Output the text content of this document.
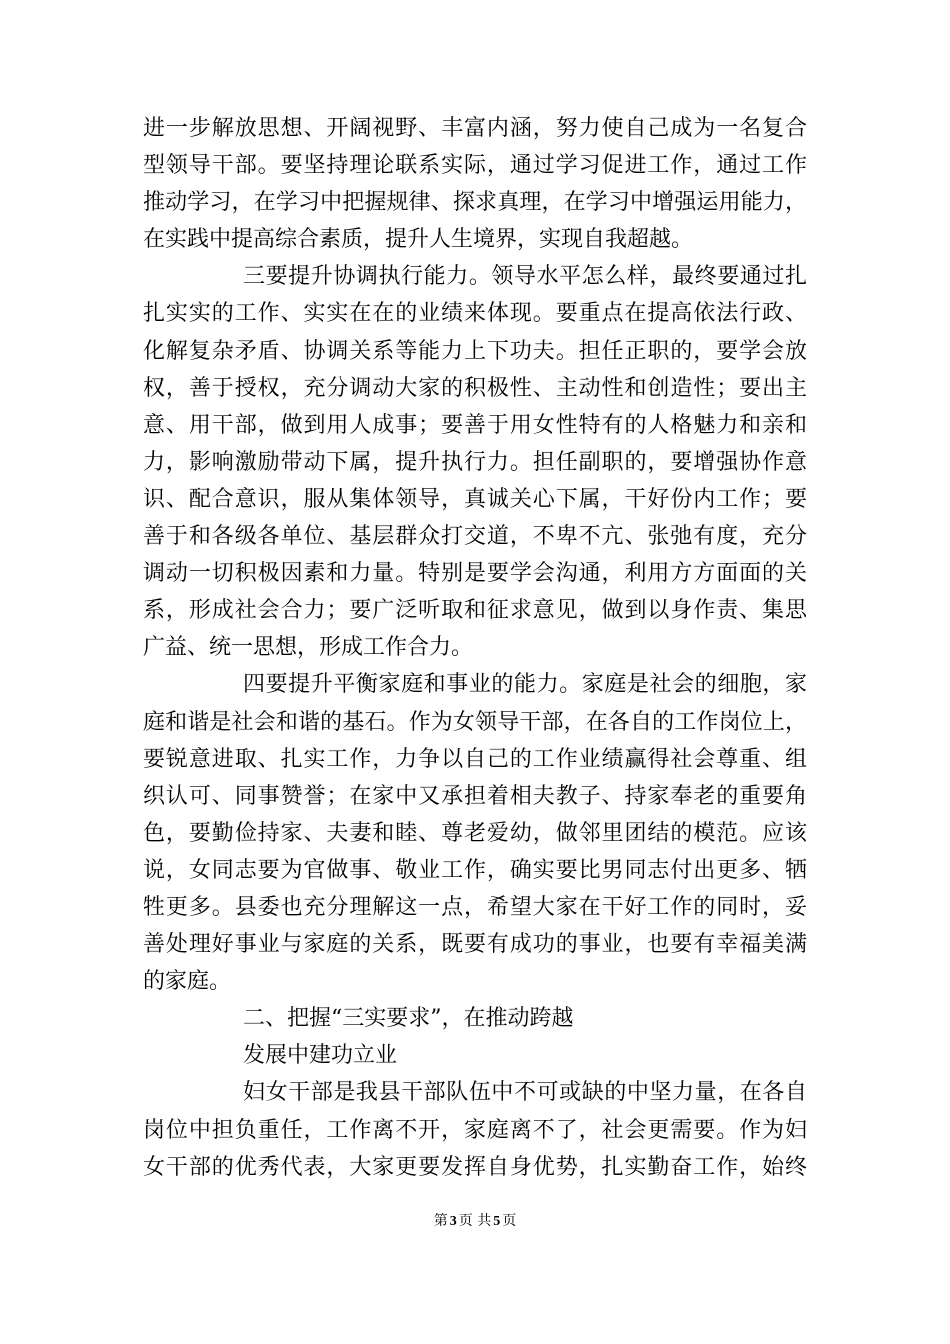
进一步解放思想、开阔视野、丰富内涵，努力使自己成为一名复合
型领导干部。要坚持理论联系实际，通过学习促进工作，通过工作
推动学习，在学习中把握规律、探求真理，在学习中增强运用能力，
在实践中提高综合素质，提升人生境界，实现自我超越。
三要提升协调执行能力。领导水平怎么样，最终要通过扎
扎实实的工作、实实在在的业绩来体现。要重点在提高依法行政、
化解复杂矛盾、协调关系等能力上下功夫。担任正职的，要学会放
权，善于授权，充分调动大家的积极性、主动性和创造性；要出主
意、用干部，做到用人成事；要善于用女性特有的人格魅力和亲和
力，影响激励带动下属，提升执行力。担任副职的，要增强协作意
识、配合意识，服从集体领导，真诚关心下属，干好份内工作；要
善于和各级各单位、基层群众打交道，不卑不亢、张弛有度，充分
调动一切积极因素和力量。特别是要学会沟通，利用方方面面的关
系，形成社会合力；要广泛听取和征求意见，做到以身作责、集思
广益、统一思想，形成工作合力。
四要提升平衡家庭和事业的能力。家庭是社会的细胞，家
庭和谐是社会和谐的基石。作为女领导干部，在各自的工作岗位上，
要锐意进取、扎实工作，力争以自己的工作业绩赢得社会尊重、组
织认可、同事赞誉；在家中又承担着相夫教子、持家奉老的重要角
色，要勤俭持家、夫妻和睦、尊老爱幼，做邻里团结的模范。应该
说，女同志要为官做事、敬业工作，确实要比男同志付出更多、牺
牲更多。县委也充分理解这一点，希望大家在干好工作的同时，妥
善处理好事业与家庭的关系，既要有成功的事业，也要有幸福美满
的家庭。
二、把握“三实要求”，在推动跨越
发展中建功立业
妇女干部是我县干部队伍中不可或缺的中坚力量，在各自
岗位中担负重任，工作离不开，家庭离不了，社会更需要。作为妇
女干部的优秀代表，大家更要发挥自身优势，扎实勤奋工作，始终
第 3 页 共 5 页
